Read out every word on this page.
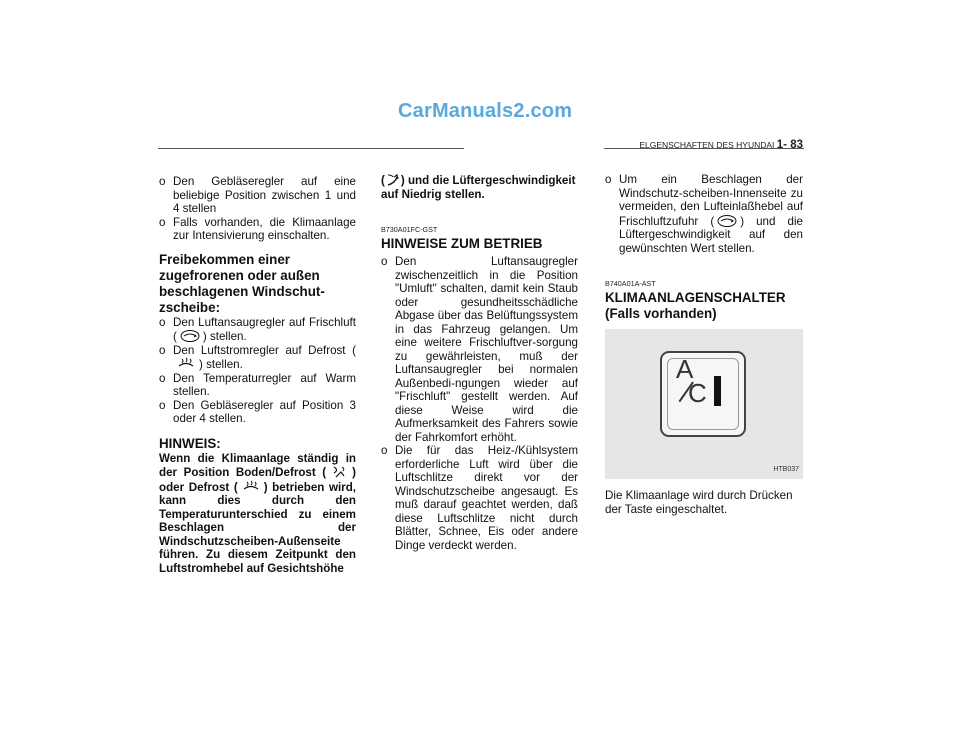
CarManuals2.com
ELGENSCHAFTEN DES HYUNDAI 1- 83
o Den Gebläseregler auf eine beliebige Position zwischen 1 und 4 stellen
o Falls vorhanden, die Klimaanlage zur Intensivierung einschalten.
Freibekommen einer zugefrorenen oder außen beschlagenen Windschut-zscheibe:
o Den Luftansaugregler auf Frischluft ( ) stellen.
o Den Luftstromregler auf Defrost (
) stellen.
o Den Temperaturregler auf Warm stellen.
o Den Gebläseregler auf Position 3 oder 4 stellen.
HINWEIS:
Wenn die Klimaanlage ständig in der Position Boden/Defrost ( ) oder Defrost ( ) betrieben wird, kann dies durch den Temperaturunterschied zu einem Beschlagen der Windschutzscheiben-Außenseite führen. Zu diesem Zeitpunkt den Luftstromhebel auf Gesichtshöhe
( ) und die Lüftergeschwindigkeit auf Niedrig stellen.
B730A01FC-GST
HINWEISE ZUM BETRIEB
o Den Luftansaugregler zwischenzeitlich in die Position "Umluft" schalten, damit kein Staub oder gesundheitsschädliche Abgase über das Belüftungssystem in das Fahrzeug gelangen. Um eine weitere Frischluftver-sorgung zu gewährleisten, muß der Luftansaugregler bei normalen Außenbedi-ngungen wieder auf "Frischluft" gestellt werden. Auf diese Weise wird die Aufmerksamkeit des Fahrers sowie der Fahrkomfort erhöht.
o Die für das Heiz-/Kühlsystem erforderliche Luft wird über die Luftschlitze direkt vor der Windschutzscheibe angesaugt. Es muß darauf geachtet werden, daß diese Luftschlitze nicht durch Blätter, Schnee, Eis oder andere Dinge verdeckt werden.
o Um ein Beschlagen der Windschutz-scheiben-Innenseite zu vermeiden, den Lufteinlaßhebel auf Frischluftzufuhr ( ) und die Lüftergeschwindigkeit auf den gewünschten Wert stellen.
B740A01A-AST
KLIMAANLAGENSCHALTER (Falls vorhanden)
A
C
HTB037
Die Klimaanlage wird durch Drücken der Taste eingeschaltet.
